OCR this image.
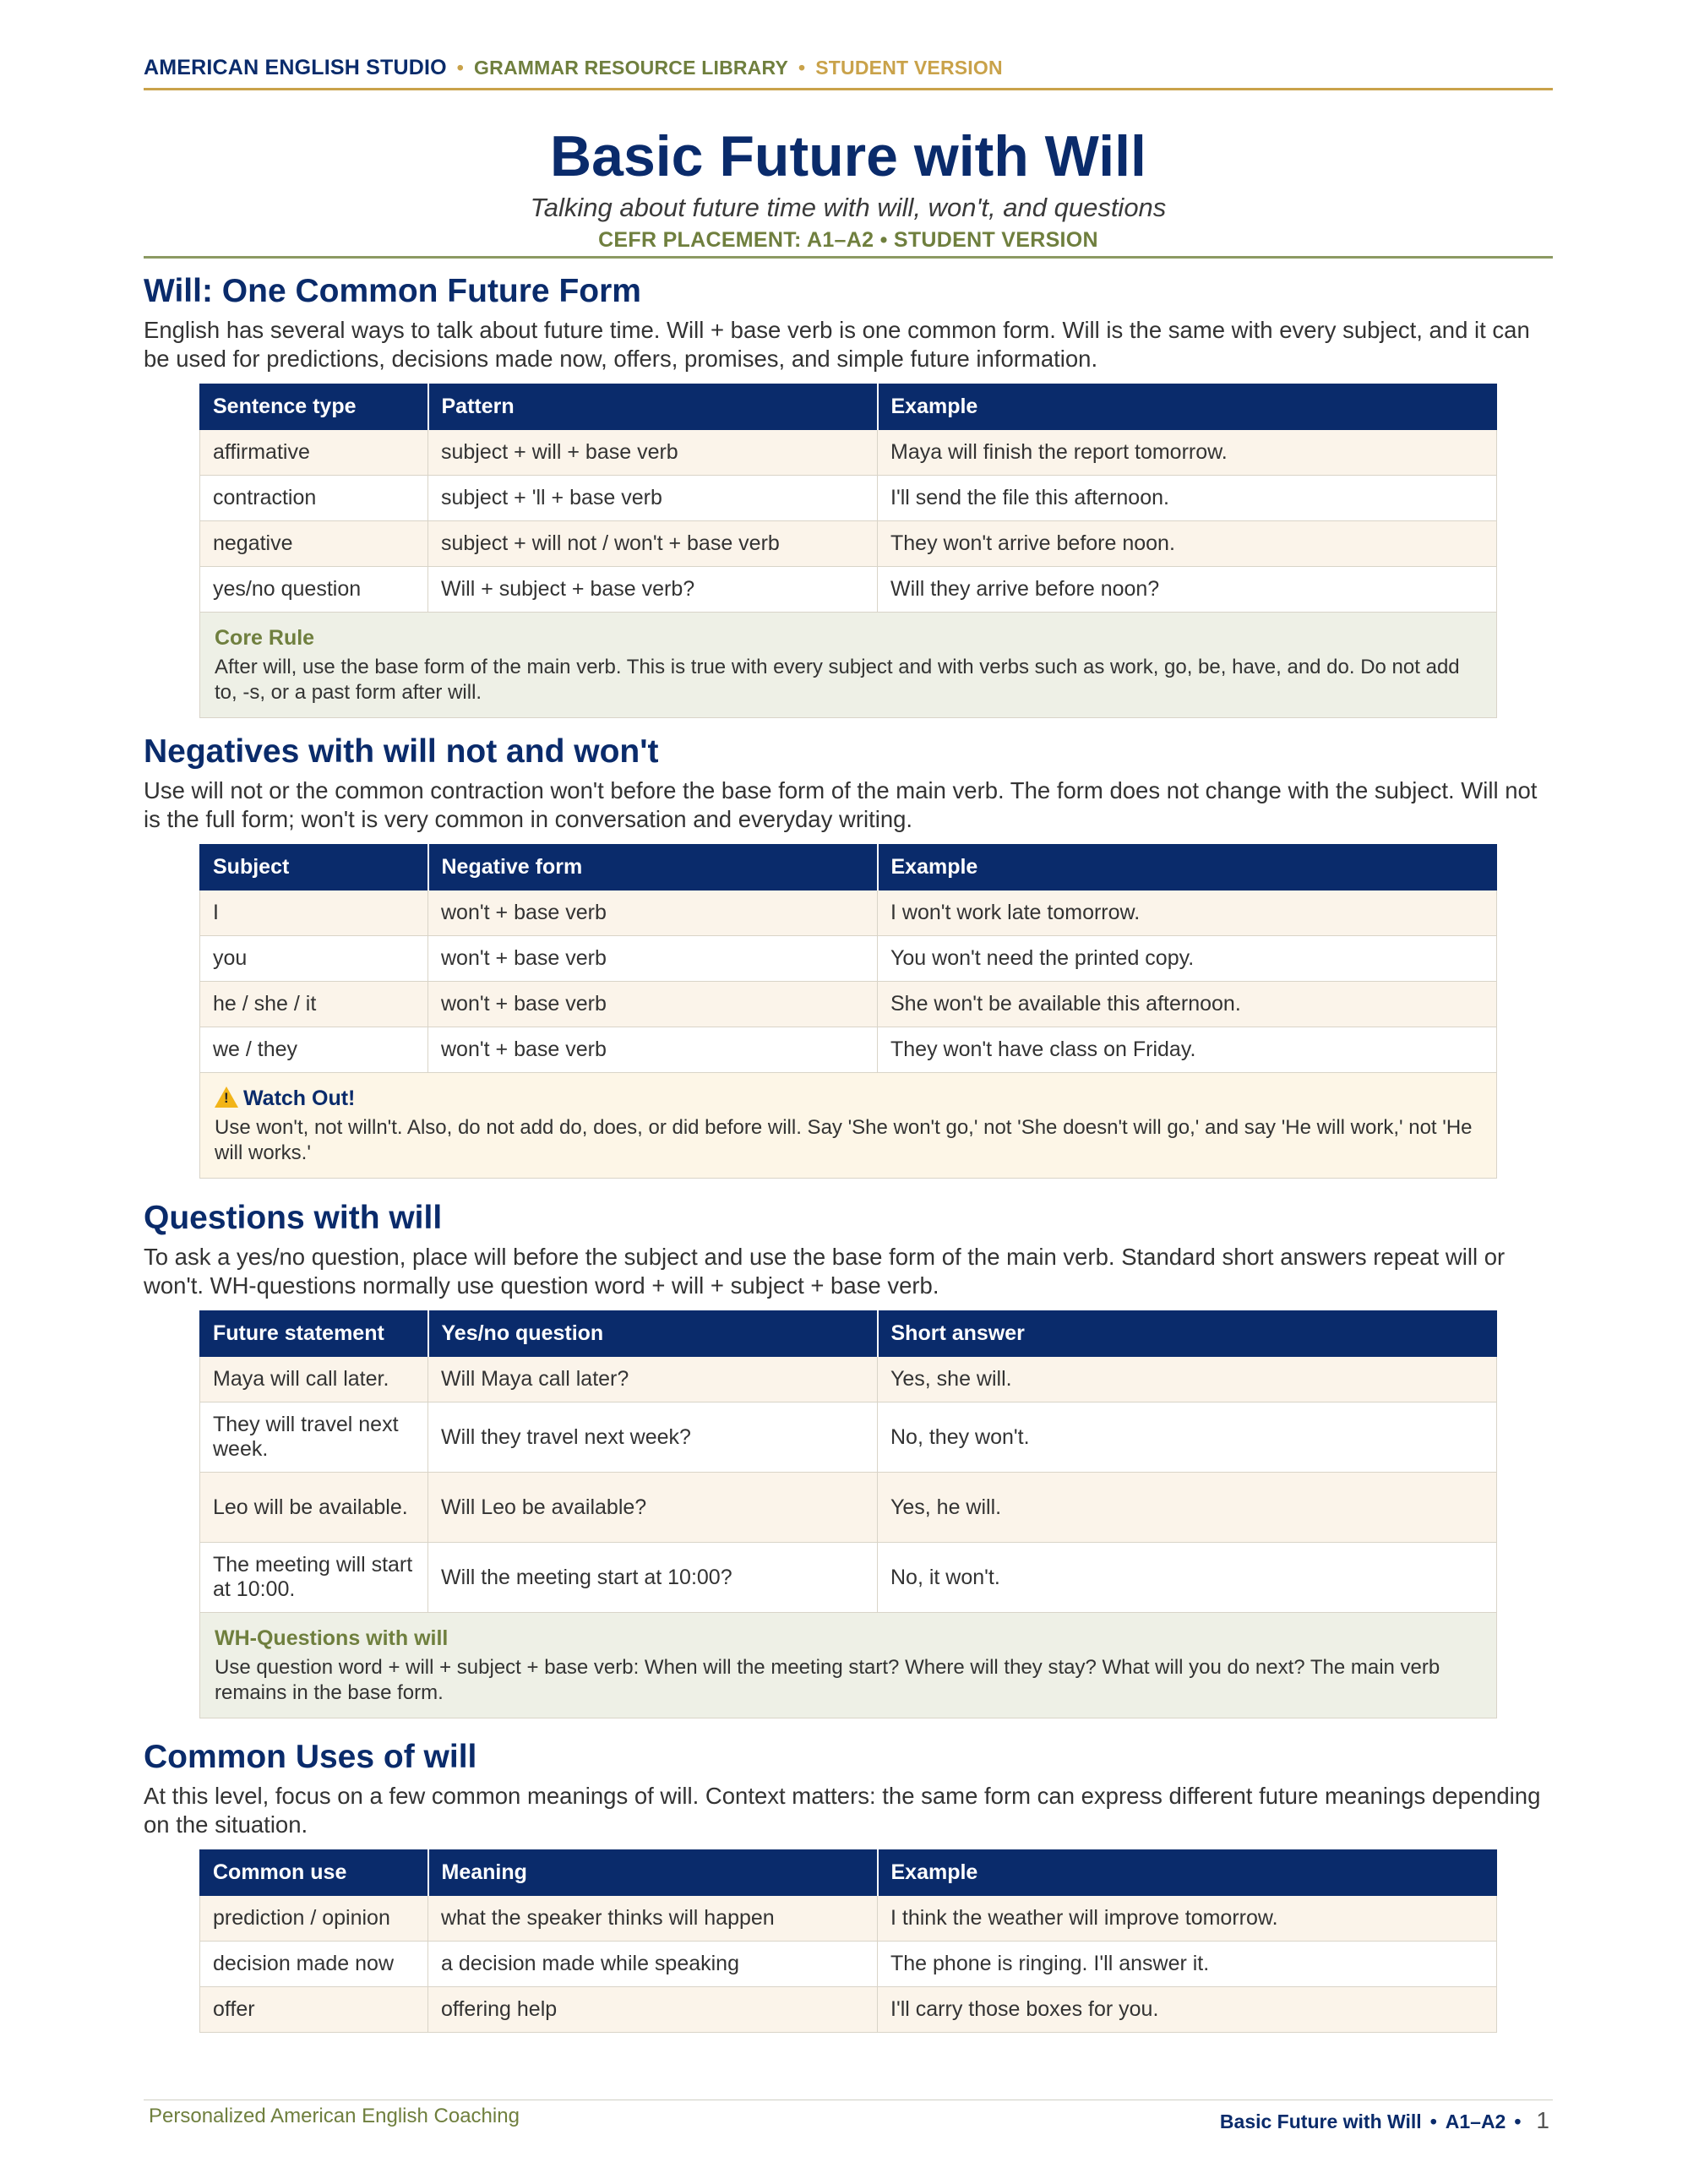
AMERICAN ENGLISH STUDIO • GRAMMAR RESOURCE LIBRARY • STUDENT VERSION
Basic Future with Will
Talking about future time with will, won't, and questions
CEFR PLACEMENT: A1–A2 • STUDENT VERSION
Will: One Common Future Form

English has several ways to talk about future time. Will + base verb is one common form. Will is the same with every subject, and it can be used for predictions, decisions made now, offers, promises, and simple future information.

Sentence type	Pattern	Example
affirmative	subject + will + base verb	Maya will finish the report tomorrow.
contraction	subject + 'll + base verb	I'll send the file this afternoon.
negative	subject + will not / won't + base verb	They won't arrive before noon.
yes/no question	Will + subject + base verb?	Will they arrive before noon?
Core Rule
After will, use the base form of the main verb. This is true with every subject and with verbs such as work, go, be, have, and do. Do not add to, -s, or a past form after will.
Negatives with will not and won't

Use will not or the common contraction won't before the base form of the main verb. The form does not change with the subject. Will not is the full form; won't is very common in conversation and everyday writing.

Subject	Negative form	Example
I	won't + base verb	I won't work late tomorrow.
you	won't + base verb	You won't need the printed copy.
he / she / it	won't + base verb	She won't be available this afternoon.
we / they	won't + base verb	They won't have class on Friday.
!Watch Out!
Use won't, not willn't. Also, do not add do, does, or did before will. Say 'She won't go,' not 'She doesn't will go,' and say 'He will work,' not 'He will works.'
Questions with will

To ask a yes/no question, place will before the subject and use the base form of the main verb. Standard short answers repeat will or won't. WH-questions normally use question word + will + subject + base verb.

Future statement	Yes/no question	Short answer
Maya will call later.	Will Maya call later?	Yes, she will.
They will travel next week.	Will they travel next week?	No, they won't.
Leo will be available.	Will Leo be available?	Yes, he will.
The meeting will start at 10:00.	Will the meeting start at 10:00?	No, it won't.
WH-Questions with will
Use question word + will + subject + base verb: When will the meeting start? Where will they stay? What will you do next? The main verb remains in the base form.
Common Uses of will

At this level, focus on a few common meanings of will. Context matters: the same form can express different future meanings depending on the situation.

Common use	Meaning	Example
prediction / opinion	what the speaker thinks will happen	I think the weather will improve tomorrow.
decision made now	a decision made while speaking	The phone is ringing. I'll answer it.
offer	offering help	I'll carry those boxes for you.
Personalized American English Coaching	Basic Future with Will • A1–A2 • 1
